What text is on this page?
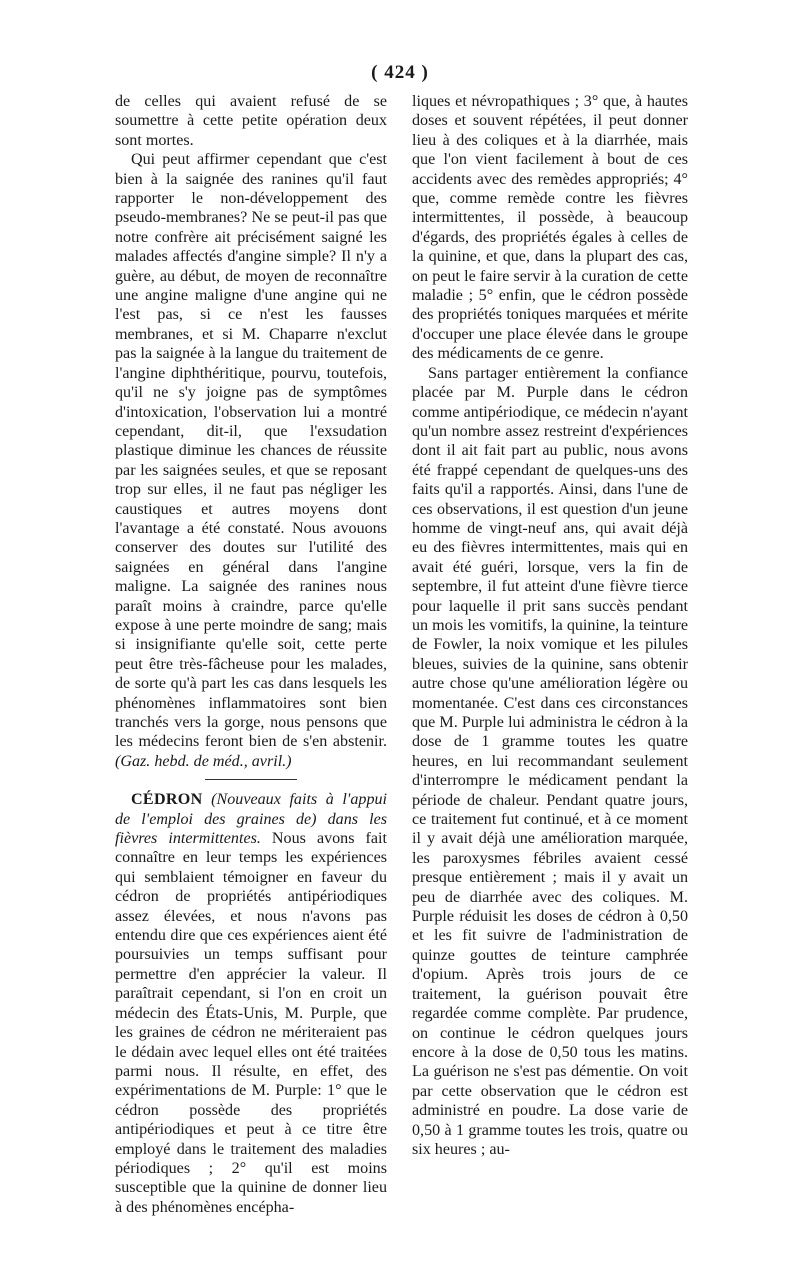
( 424 )

de celles qui avaient refusé de se soumettre à cette petite opération deux sont mortes.

Qui peut affirmer cependant que c'est bien à la saignée des ranines qu'il faut rapporter le non-développement des pseudo-membranes? Ne se peut-il pas que notre confrère ait précisément saigné les malades affectés d'angine simple? Il n'y a guère, au début, de moyen de reconnaître une angine maligne d'une angine qui ne l'est pas, si ce n'est les fausses membranes, et si M. Chaparre n'exclut pas la saignée à la langue du traitement de l'angine diphthéritique, pourvu, toutefois, qu'il ne s'y joigne pas de symptômes d'intoxication, l'observation lui a montré cependant, dit-il, que l'exsudation plastique diminue les chances de réussite par les saignées seules, et que se reposant trop sur elles, il ne faut pas négliger les caustiques et autres moyens dont l'avantage a été constaté. Nous avouons conserver des doutes sur l'utilité des saignées en général dans l'angine maligne. La saignée des ranines nous paraît moins à craindre, parce qu'elle expose à une perte moindre de sang; mais si insignifiante qu'elle soit, cette perte peut être très-fâcheuse pour les malades, de sorte qu'à part les cas dans lesquels les phénomènes inflammatoires sont bien tranchés vers la gorge, nous pensons que les médecins feront bien de s'en abstenir. (Gaz. hebd. de méd., avril.)

CÉDRON (Nouveaux faits à l'appui de l'emploi des graines de) dans les fièvres intermittentes. Nous avons fait connaître en leur temps les expériences qui semblaient témoigner en faveur du cédron de propriétés antipériodiques assez élevées, et nous n'avons pas entendu dire que ces expériences aient été poursuivies un temps suffisant pour permettre d'en apprécier la valeur. Il paraîtrait cependant, si l'on en croit un médecin des États-Unis, M. Purple, que les graines de cédron ne mériteraient pas le dédain avec lequel elles ont été traitées parmi nous. Il résulte, en effet, des expérimentations de M. Purple: 1° que le cédron possède des propriétés antipériodiques et peut à ce titre être employé dans le traitement des maladies périodiques ; 2° qu'il est moins susceptible que la quinine de donner lieu à des phénomènes encépha-

liques et névropathiques ; 3° que, à hautes doses et souvent répétées, il peut donner lieu à des coliques et à la diarrhée, mais que l'on vient facilement à bout de ces accidents avec des remèdes appropriés; 4° que, comme remède contre les fièvres intermittentes, il possède, à beaucoup d'égards, des propriétés égales à celles de la quinine, et que, dans la plupart des cas, on peut le faire servir à la curation de cette maladie ; 5° enfin, que le cédron possède des propriétés toniques marquées et mérite d'occuper une place élevée dans le groupe des médicaments de ce genre.

Sans partager entièrement la confiance placée par M. Purple dans le cédron comme antipériodique, ce médecin n'ayant qu'un nombre assez restreint d'expériences dont il ait fait part au public, nous avons été frappé cependant de quelques-uns des faits qu'il a rapportés. Ainsi, dans l'une de ces observations, il est question d'un jeune homme de vingt-neuf ans, qui avait déjà eu des fièvres intermittentes, mais qui en avait été guéri, lorsque, vers la fin de septembre, il fut atteint d'une fièvre tierce pour laquelle il prit sans succès pendant un mois les vomitifs, la quinine, la teinture de Fowler, la noix vomique et les pilules bleues, suivies de la quinine, sans obtenir autre chose qu'une amélioration légère ou momentanée. C'est dans ces circonstances que M. Purple lui administra le cédron à la dose de 1 gramme toutes les quatre heures, en lui recommandant seulement d'interrompre le médicament pendant la période de chaleur. Pendant quatre jours, ce traitement fut continué, et à ce moment il y avait déjà une amélioration marquée, les paroxysmes fébriles avaient cessé presque entièrement ; mais il y avait un peu de diarrhée avec des coliques. M. Purple réduisit les doses de cédron à 0,50 et les fit suivre de l'administration de quinze gouttes de teinture camphrée d'opium. Après trois jours de ce traitement, la guérison pouvait être regardée comme complète. Par prudence, on continue le cédron quelques jours encore à la dose de 0,50 tous les matins. La guérison ne s'est pas démentie. On voit par cette observation que le cédron est administré en poudre. La dose varie de 0,50 à 1 gramme toutes les trois, quatre ou six heures ; au-
